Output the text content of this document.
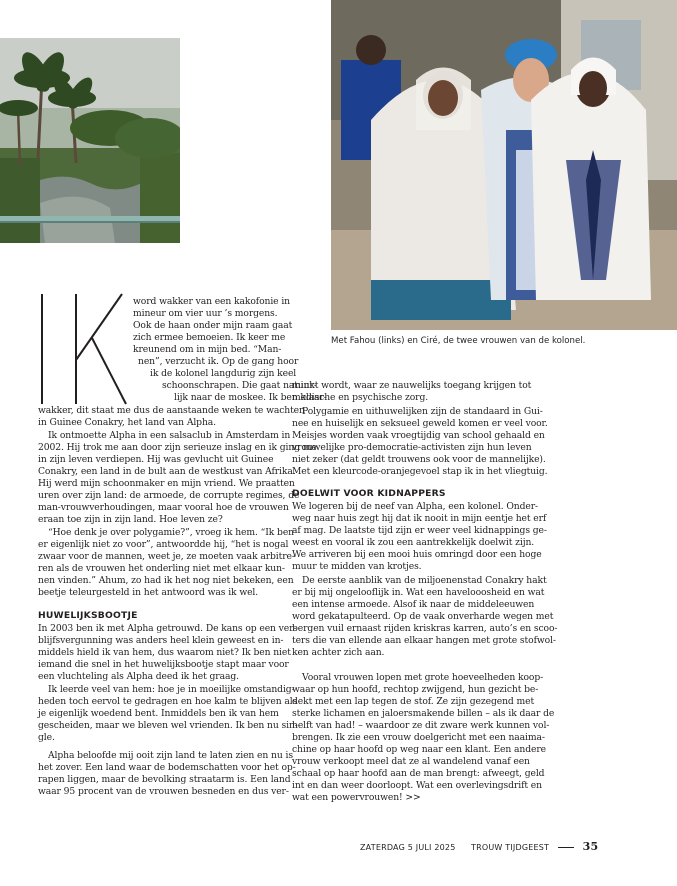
Met Fahou (links) en Ciré, de twee vrouwen van de kolonel.
word wakker van een kakofonie in
mineur om vier uur ’s morgens.
Ook de haan onder mijn raam gaat
zich ermee bemoeien. Ik keer me
kreunend om in mijn bed. “Man-
nen”, verzucht ik. Op de gang hoor
ik de kolonel langdurig zijn keel
schoonschrapen. Die gaat natuur-
lijk naar de moskee. Ik ben klaar-
wakker, dit staat me dus de aanstaande weken te wachten
in Guinee Conakry, het land van Alpha.
Ik ontmoette Alpha in een salsaclub in Amsterdam in
2002. Hij trok me aan door zijn serieuze inslag en ik ging me
in zijn leven verdiepen. Hij was gevlucht uit Guinee
Conakry, een land in de bult aan de westkust van Afrika.
Hij werd mijn schoonmaker en mijn vriend. We praatten
uren over zijn land: de armoede, de corrupte regimes, de
man-vrouwverhoudingen, maar vooral hoe de vrouwen
eraan toe zijn in zijn land. Hoe leven ze?
“Hoe denk je over polygamie?”, vroeg ik hem. “Ik ben
er eigenlijk niet zo voor”, antwoordde hij, “het is nogal
zwaar voor de mannen, weet je, ze moeten vaak arbitre-
ren als de vrouwen het onderling niet met elkaar kun-
nen vinden.” Ahum, zo had ik het nog niet bekeken, een
beetje teleurgesteld in het antwoord was ik wel.
HUWELIJKSBOOTJE
In 2003 ben ik met Alpha getrouwd. De kans op een ver-
blijfsvergunning was anders heel klein geweest en in-
middels hield ik van hem, dus waarom niet? Ik ben niet
iemand die snel in het huwelijksbootje stapt maar voor
een vluchteling als Alpha deed ik het graag.
Ik leerde veel van hem: hoe je in moeilijke omstandig-
heden toch eervol te gedragen en hoe kalm te blijven als
je eigenlijk woedend bent. Inmiddels ben ik van hem
gescheiden, maar we bleven wel vrienden. Ik ben nu sin-
gle.
Alpha beloofde mij ooit zijn land te laten zien en nu is
het zover. Een land waar de bodemschatten voor het op-
rapen liggen, maar de bevolking straatarm is. Een land
waar 95 procent van de vrouwen besneden en dus ver-
minkt wordt, waar ze nauwelijks toegang krijgen tot
medische en psychische zorg.
Polygamie en uithuwelijken zijn de standaard in Gui-
nee en huiselijk en seksueel geweld komen er veel voor.
Meisjes worden vaak vroegtijdig van school gehaald en
vrouwelijke pro-democratie-activisten zijn hun leven
niet zeker (dat geldt trouwens ook voor de mannelijke).
Met een kleurcode-oranjegevoel stap ik in het vliegtuig.
DOELWIT VOOR KIDNAPPERS
We logeren bij de neef van Alpha, een kolonel. Onder-
weg naar huis zegt hij dat ik nooit in mijn eentje het erf
af mag. De laatste tijd zijn er weer veel kidnappings ge-
weest en vooral ik zou een aantrekkelijk doelwit zijn.
We arriveren bij een mooi huis omringd door een hoge
muur te midden van krotjes.
De eerste aanblik van de miljoenenstad Conakry hakt
er bij mij ongelooflijk in. Wat een havelooosheid en wat
een intense armoede. Alsof ik naar de middeleeuwen
word gekatapulteerd. Op de vaak onverharde wegen met
bergen vuil ernaast rijden kriskras karren, auto’s en scoo-
ters die van ellende aan elkaar hangen met grote stofwol-
ken achter zich aan.
Vooral vrouwen lopen met grote hoeveelheden koop-
waar op hun hoofd, rechtop zwijgend, hun gezicht be-
dekt met een lap tegen de stof. Ze zijn gezegend met
sterke lichamen en jaloersmakende billen – als ik daar de
helft van had! – waardoor ze dit zware werk kunnen vol-
brengen. Ik zie een vrouw doelgericht met een naaima-
chine op haar hoofd op weg naar een klant. Een andere
vrouw verkoopt meel dat ze al wandelend vanaf een
schaal op haar hoofd aan de man brengt: afweegt, geld
int en dan weer doorloopt. Wat een overlevingsdrift en
wat een powervrouwen! >>
ZATERDAG 5 JULI 2025 TROUW TIJDGEEST	35
